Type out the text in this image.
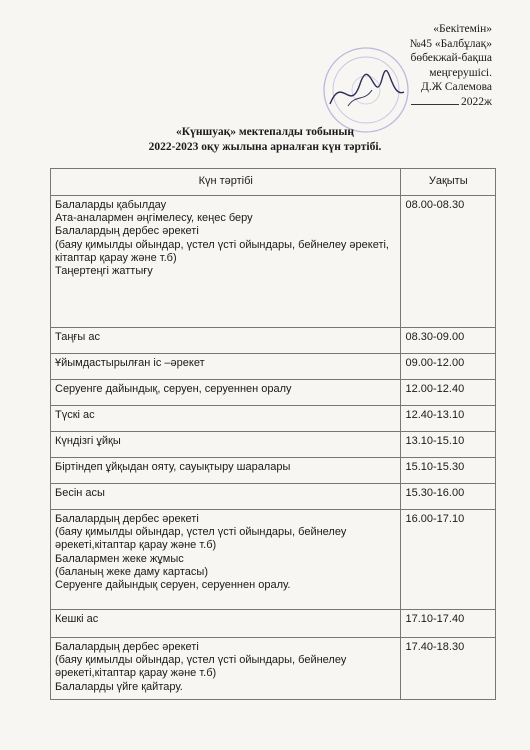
«Бекітемін»
№45 «Балбұлақ»
бөбекжай-бақша
меңгерушісі.
Д.Ж Салемова
2022ж
«Күншуақ» мектепалды тобының
2022-2023 оқу жылына арналған күн тәртібі.
Күн тәртібі	Уақыты

Балаларды қабылдау
Ата-аналармен әңгімелесу, кеңес беру
Балалардың дербес әрекеті
(баяу қимылды ойындар, үстел үсті ойындары, бейнелеу әрекеті, кітаптар қарау және т.б)
Таңертеңгі жаттығу	08.00-08.30

Таңғы ас	08.30-09.00

Ұйымдастырылған іс –әрекет	09.00-12.00

Серуенге дайындық, серуен, серуеннен оралу	12.00-12.40

Түскі ас	12.40-13.10

Күндізгі ұйқы	13.10-15.10

Біртіндеп ұйқыдан ояту, сауықтыру шаралары	15.10-15.30

Бесін асы	15.30-16.00

Балалардың дербес әрекеті
(баяу қимылды ойындар, үстел үсті ойындары, бейнелеу әрекеті,кітаптар қарау және т.б)
Балалармен жеке жұмыс
(баланың жеке даму картасы)
Серуенге дайындық серуен, серуеннен оралу.	16.00-17.10

Кешкі ас	17.10-17.40

Балалардың дербес әрекеті
(баяу қимылды ойындар, үстел үсті ойындары, бейнелеу әрекеті,кітаптар қарау және т.б)
Балаларды үйге қайтару.	17.40-18.30
